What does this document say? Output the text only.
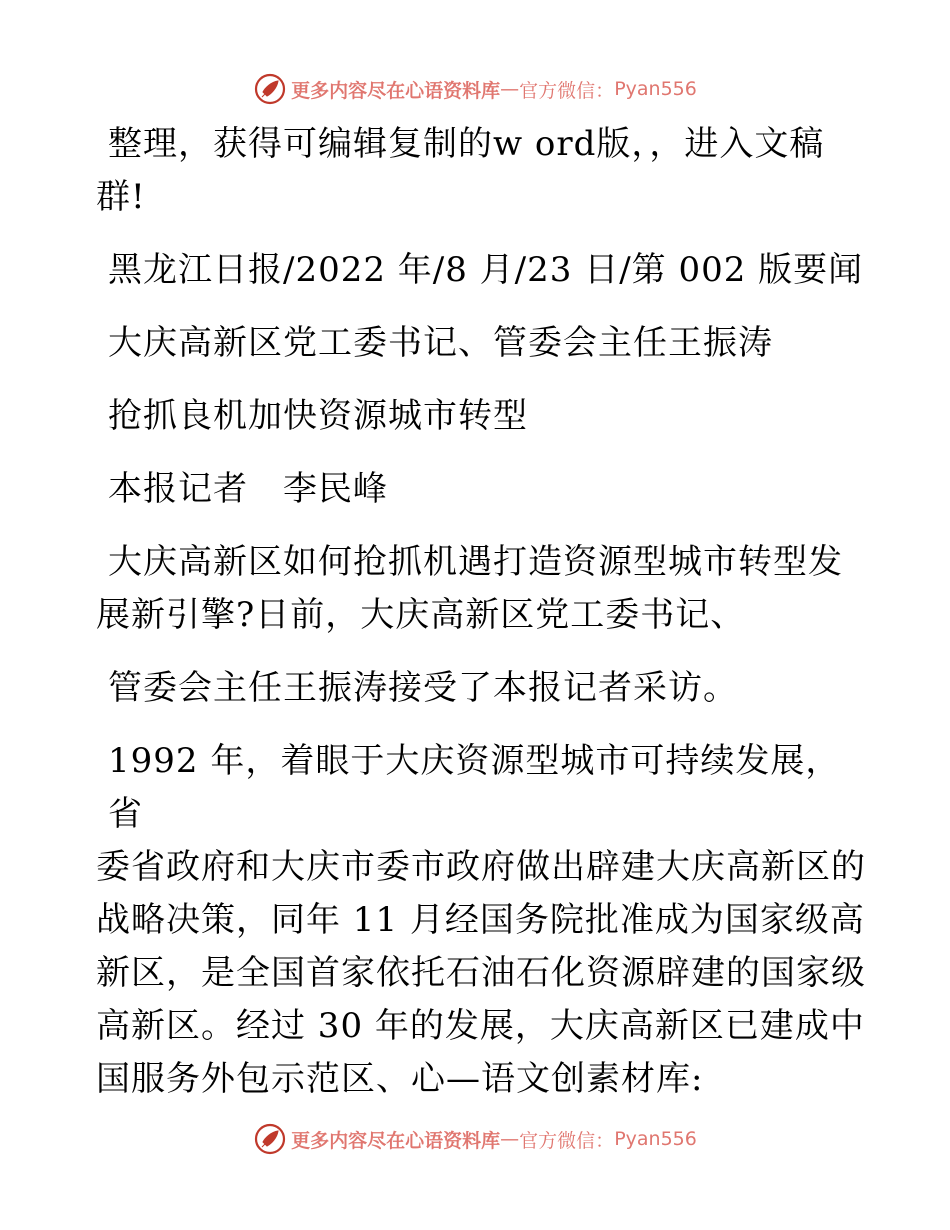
更多内容尽在心语资料库 — 官方微信： Pyan556

整理，获得可编辑复制的w ord版，，进入文稿

群!

黑龙江日报/2022 年/8 月/23 日/第 002 版要闻

大庆高新区党工委书记、管委会主任王振涛

抢抓良机加快资源城市转型

本报记者　李民峰

大庆高新区如何抢抓机遇打造资源型城市转型发

展新引擎?日前，大庆高新区党工委书记、

管委会主任王振涛接受了本报记者采访。

1992 年，着眼于大庆资源型城市可持续发展，省

委省政府和大庆市委市政府做出辟建大庆高新区的

战略决策，同年 11 月经国务院批准成为国家级高

新区，是全国首家依托石油石化资源辟建的国家级

高新区。经过 30 年的发展，大庆高新区已建成中

国服务外包示范区、心—语文创素材库:

更多内容尽在心语资料库 — 官方微信： Pyan556
